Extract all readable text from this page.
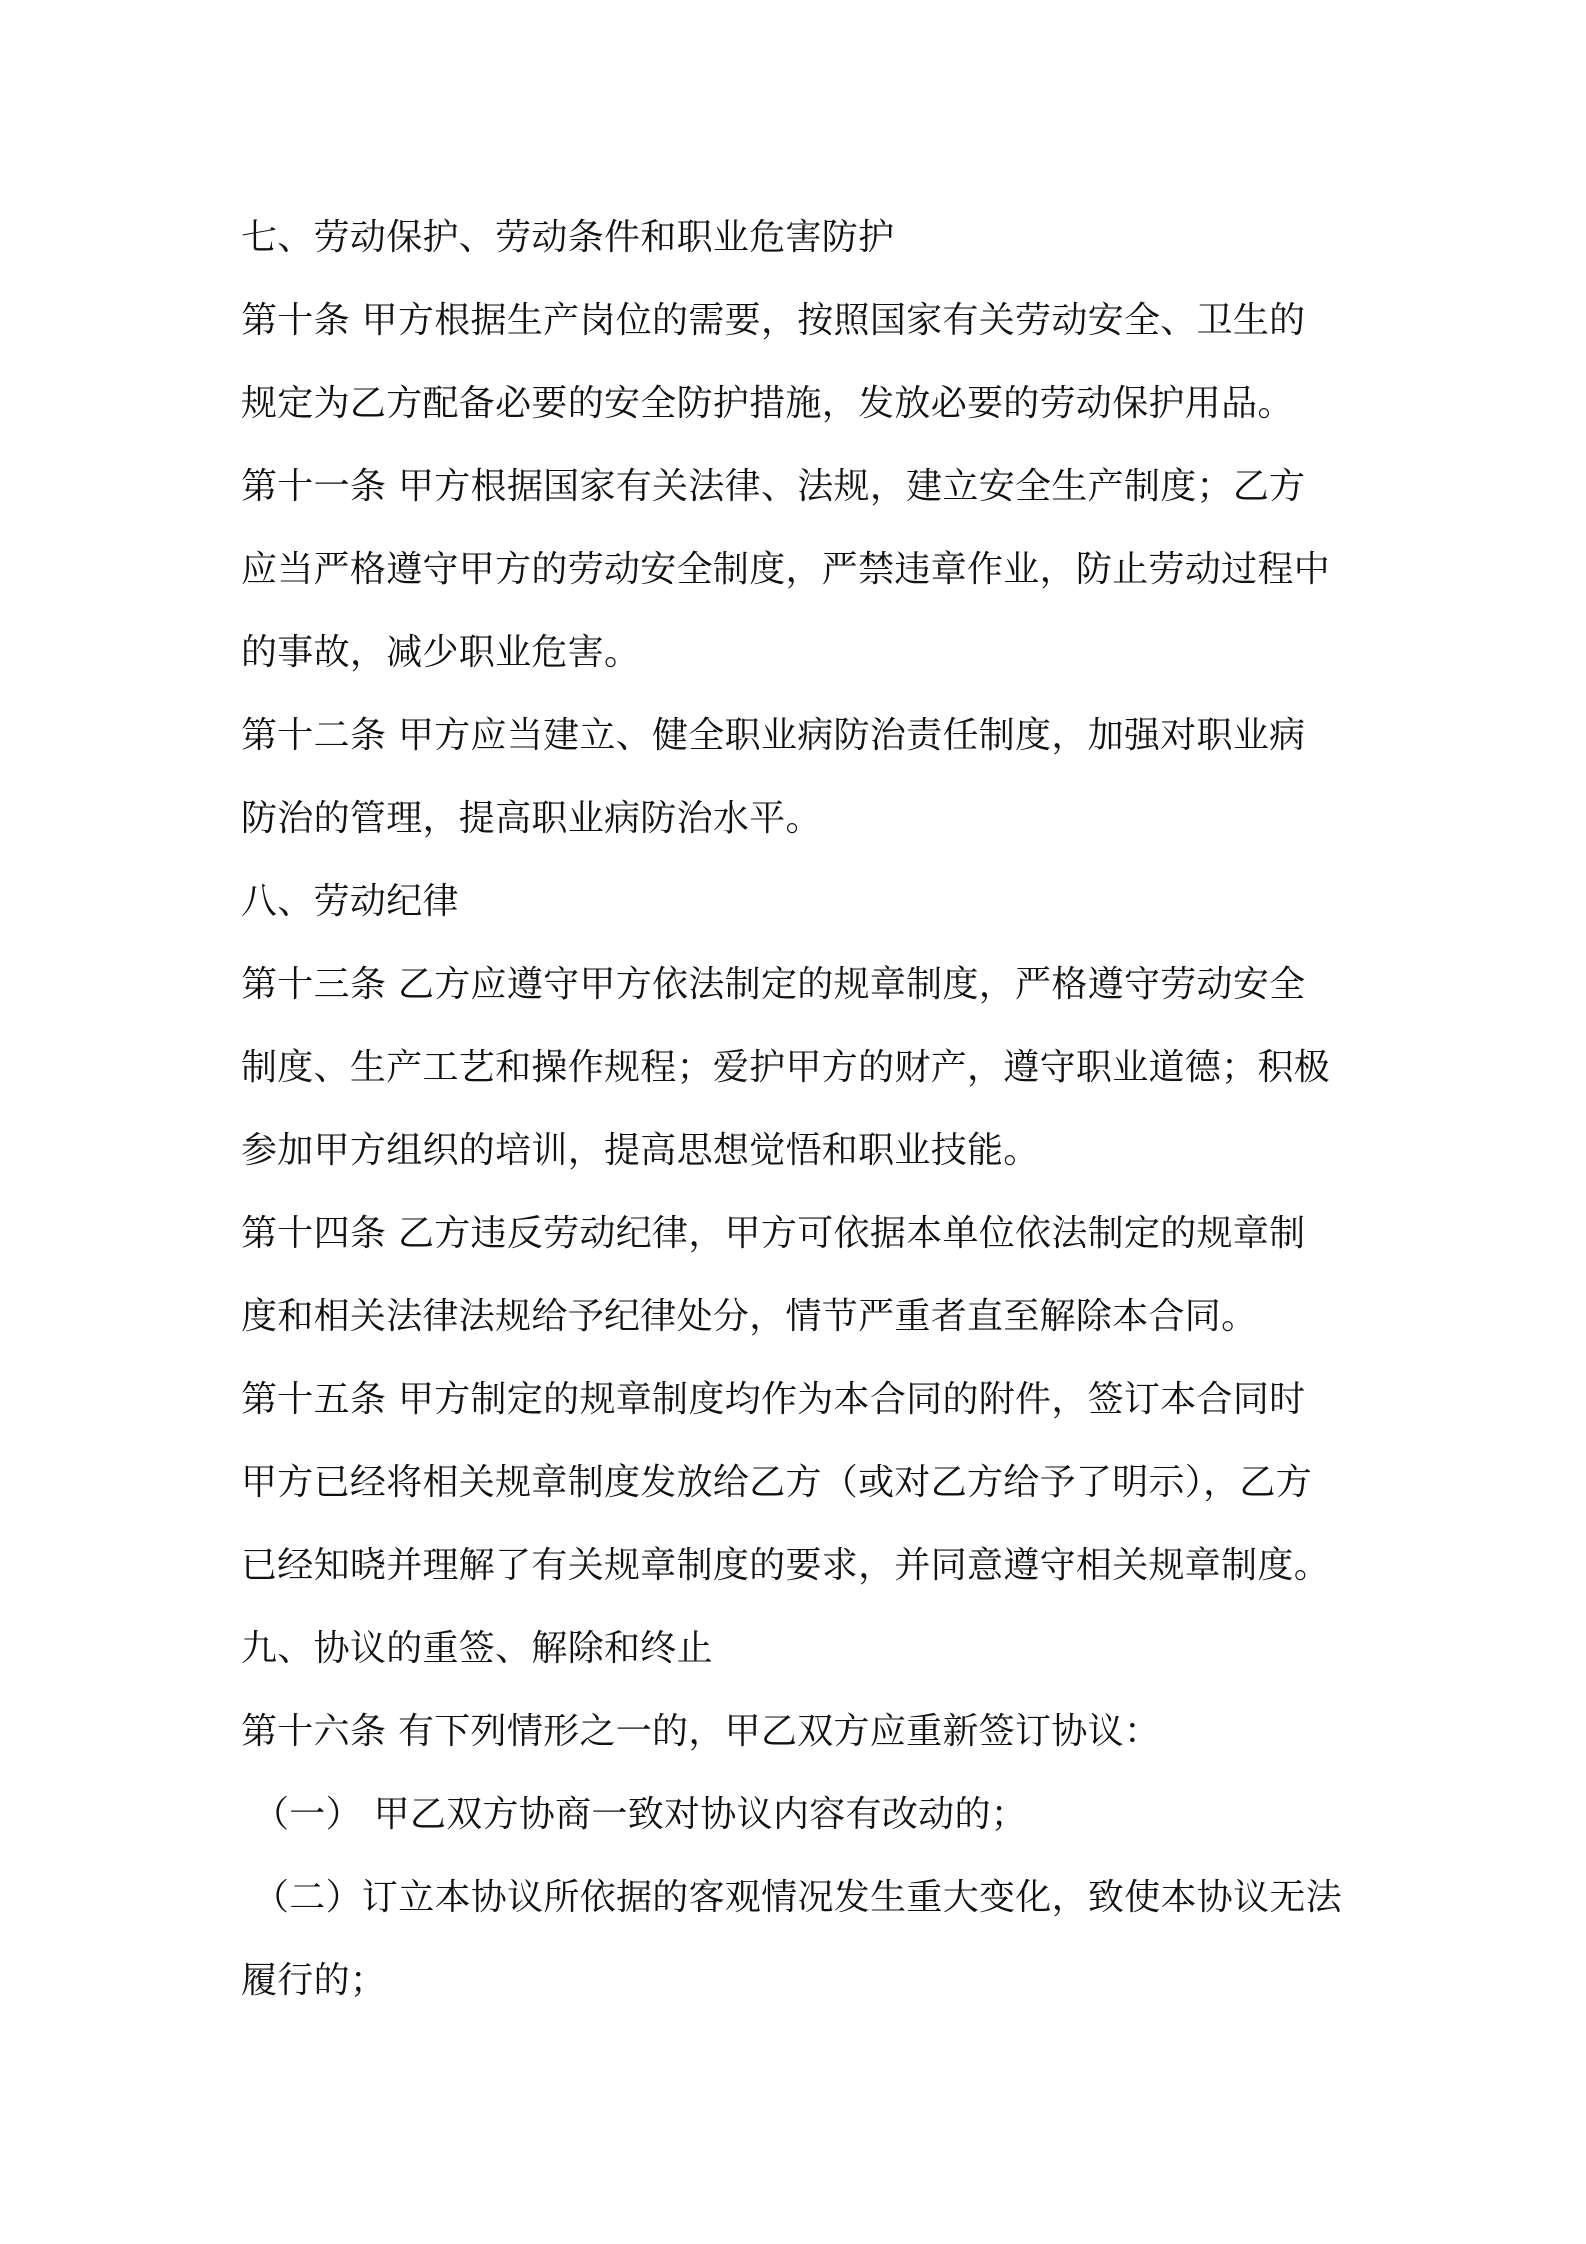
七、劳动保护、劳动条件和职业危害防护
第十条 甲方根据生产岗位的需要，按照国家有关劳动安全、卫生的
规定为乙方配备必要的安全防护措施，发放必要的劳动保护用品。
第十一条 甲方根据国家有关法律、法规，建立安全生产制度；乙方
应当严格遵守甲方的劳动安全制度，严禁违章作业，防止劳动过程中
的事故，减少职业危害。
第十二条 甲方应当建立、健全职业病防治责任制度，加强对职业病
防治的管理，提高职业病防治水平。
八、劳动纪律
第十三条 乙方应遵守甲方依法制定的规章制度，严格遵守劳动安全
制度、生产工艺和操作规程；爱护甲方的财产，遵守职业道德；积极
参加甲方组织的培训，提高思想觉悟和职业技能。
第十四条 乙方违反劳动纪律，甲方可依据本单位依法制定的规章制
度和相关法律法规给予纪律处分，情节严重者直至解除本合同。
第十五条 甲方制定的规章制度均作为本合同的附件，签订本合同时
甲方已经将相关规章制度发放给乙方（或对乙方给予了明示），乙方
已经知晓并理解了有关规章制度的要求，并同意遵守相关规章制度。
九、协议的重签、解除和终止
第十六条 有下列情形之一的，甲乙双方应重新签订协议：
（一） 甲乙双方协商一致对协议内容有改动的；
（二）订立本协议所依据的客观情况发生重大变化，致使本协议无法
履行的；
